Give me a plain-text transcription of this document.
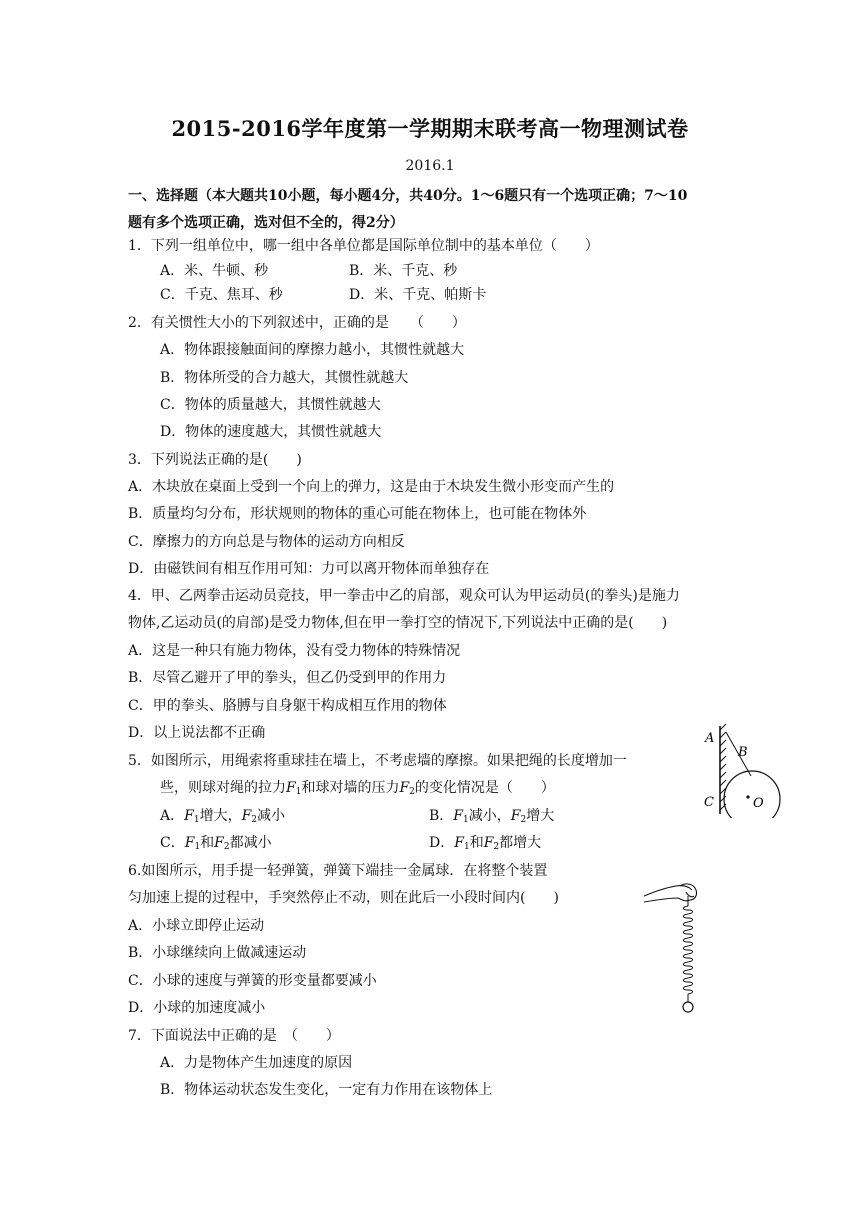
2015-2016学年度第一学期期末联考高一物理测试卷
2016.1
一、选择题（本大题共10小题，每小题4分，共40分。1～6题只有一个选项正确；7～10
题有多个选项正确，选对但不全的，得2分）
1．下列一组单位中，哪一组中各单位都是国际单位制中的基本单位（　　）
A．米、牛顿、秒	B．米、千克、秒
C．千克、焦耳、秒	D．米、千克、帕斯卡
2．有关惯性大小的下列叙述中，正确的是　　（　　）
A．物体跟接触面间的摩擦力越小，其惯性就越大
B．物体所受的合力越大，其惯性就越大
C．物体的质量越大，其惯性就越大
D．物体的速度越大，其惯性就越大
3．下列说法正确的是(　　)
A．木块放在桌面上受到一个向上的弹力，这是由于木块发生微小形变而产生的
B．质量均匀分布，形状规则的物体的重心可能在物体上，也可能在物体外
C．摩擦力的方向总是与物体的运动方向相反
D．由磁铁间有相互作用可知：力可以离开物体而单独存在
4．甲、乙两拳击运动员竞技，甲一拳击中乙的肩部，观众可认为甲运动员(的拳头)是施力
物体,乙运动员(的肩部)是受力物体,但在甲一拳打空的情况下,下列说法中正确的是(　　)
A．这是一种只有施力物体，没有受力物体的特殊情况
B．尽管乙避开了甲的拳头，但乙仍受到甲的作用力
C．甲的拳头、胳膊与自身躯干构成相互作用的物体
D．以上说法都不正确
5．如图所示，用绳索将重球挂在墙上，不考虑墙的摩擦。如果把绳的长度增加一
些，则球对绳的拉力$F_1$和球对墙的压力$F_2$的变化情况是（　　）
A．$F_1$增大，$F_2$减小	B．$F_1$减小，$F_2$增大
C．$F_1$和$F_2$都减小	D．$F_1$和$F_2$都增大
A
B
C	O
6.如图所示，用手提一轻弹簧，弹簧下端挂一金属球．在将整个装置
匀加速上提的过程中，手突然停止不动，则在此后一小段时间内(　　)
A．小球立即停止运动
B．小球继续向上做减速运动
C．小球的速度与弹簧的形变量都要减小
D．小球的加速度减小
7．下面说法中正确的是　（　　）
A．力是物体产生加速度的原因
B．物体运动状态发生变化，一定有力作用在该物体上
